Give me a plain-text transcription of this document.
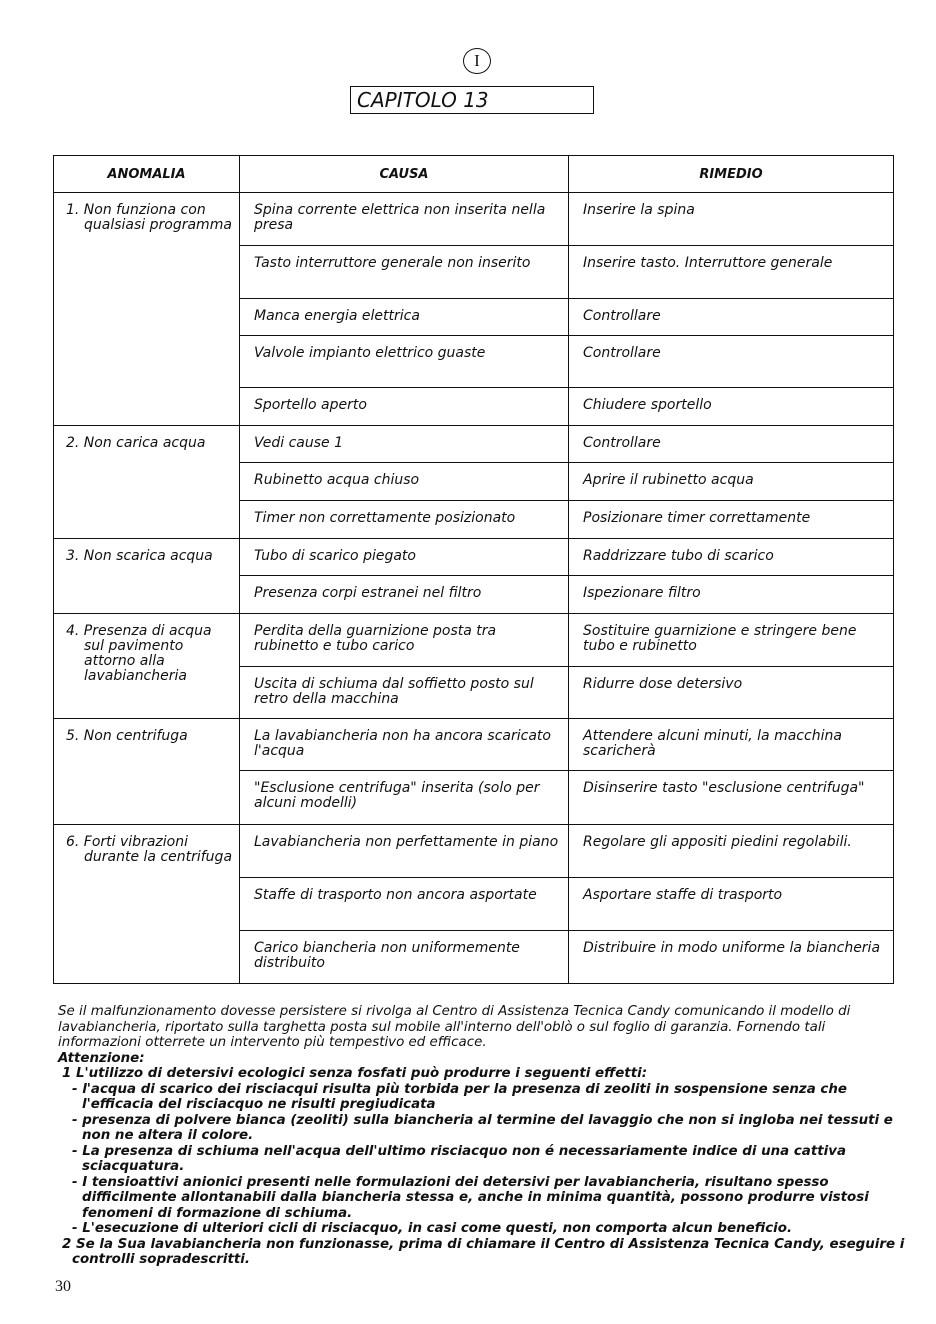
I
CAPITOLO 13
ANOMALIA	CAUSA	RIMEDIO

1. Non funziona con qualsiasi programma	Spina corrente elettrica non inserita nella presa	Inserire la spina
	Tasto interruttore generale non inserito	Inserire tasto. Interruttore generale
	Manca energia elettrica	Controllare
	Valvole impianto elettrico guaste	Controllare
	Sportello aperto	Chiudere sportello

2. Non carica acqua	Vedi cause 1	Controllare
	Rubinetto acqua chiuso	Aprire il rubinetto acqua
	Timer non correttamente posizionato	Posizionare timer correttamente

3. Non scarica acqua	Tubo di scarico piegato	Raddrizzare tubo di scarico
	Presenza corpi estranei nel filtro	Ispezionare filtro

4. Presenza di acqua sul pavimento attorno alla lavabiancheria	Perdita della guarnizione posta tra rubinetto e tubo carico	Sostituire guarnizione e stringere bene tubo e rubinetto
	Uscita di schiuma dal soffietto posto sul retro della macchina	Ridurre dose detersivo

5. Non centrifuga	La lavabiancheria non ha ancora scaricato l'acqua	Attendere alcuni minuti, la macchina scaricherà
	"Esclusione centrifuga" inserita (solo per alcuni modelli)	Disinserire tasto "esclusione centrifuga"

6. Forti vibrazioni durante la centrifuga	Lavabiancheria non perfettamente in piano	Regolare gli appositi piedini regolabili.
	Staffe di trasporto non ancora asportate	Asportare staffe di trasporto
	Carico biancheria non uniformemente distribuito	Distribuire in modo uniforme la biancheria

Se il malfunzionamento dovesse persistere si rivolga al Centro di Assistenza Tecnica Candy comunicando il modello di lavabiancheria, riportato sulla targhetta posta sul mobile all'interno dell'oblò o sul foglio di garanzia. Fornendo tali informazioni otterrete un intervento più tempestivo ed efficace.

Attenzione:

1 L'utilizzo di detersivi ecologici senza fosfati può produrre i seguenti effetti:

- l'acqua di scarico dei risciacqui risulta più torbida per la presenza di zeoliti in sospensione senza che l'efficacia del risciacquo ne risulti pregiudicata

- presenza di polvere bianca (zeoliti) sulla biancheria al termine del lavaggio che non si ingloba nei tessuti e non ne altera il colore.

- La presenza di schiuma nell'acqua dell'ultimo risciacquo non é necessariamente indice di una cattiva sciacquatura.

- I tensioattivi anionici presenti nelle formulazioni dei detersivi per lavabiancheria, risultano spesso difficilmente allontanabili dalla biancheria stessa e, anche in minima quantità, possono produrre vistosi fenomeni di formazione di schiuma.

- L'esecuzione di ulteriori cicli di risciacquo, in casi come questi, non comporta alcun beneficio.

2 Se la Sua lavabiancheria non funzionasse, prima di chiamare il Centro di Assistenza Tecnica Candy, eseguire i controlli sopradescritti.

30
